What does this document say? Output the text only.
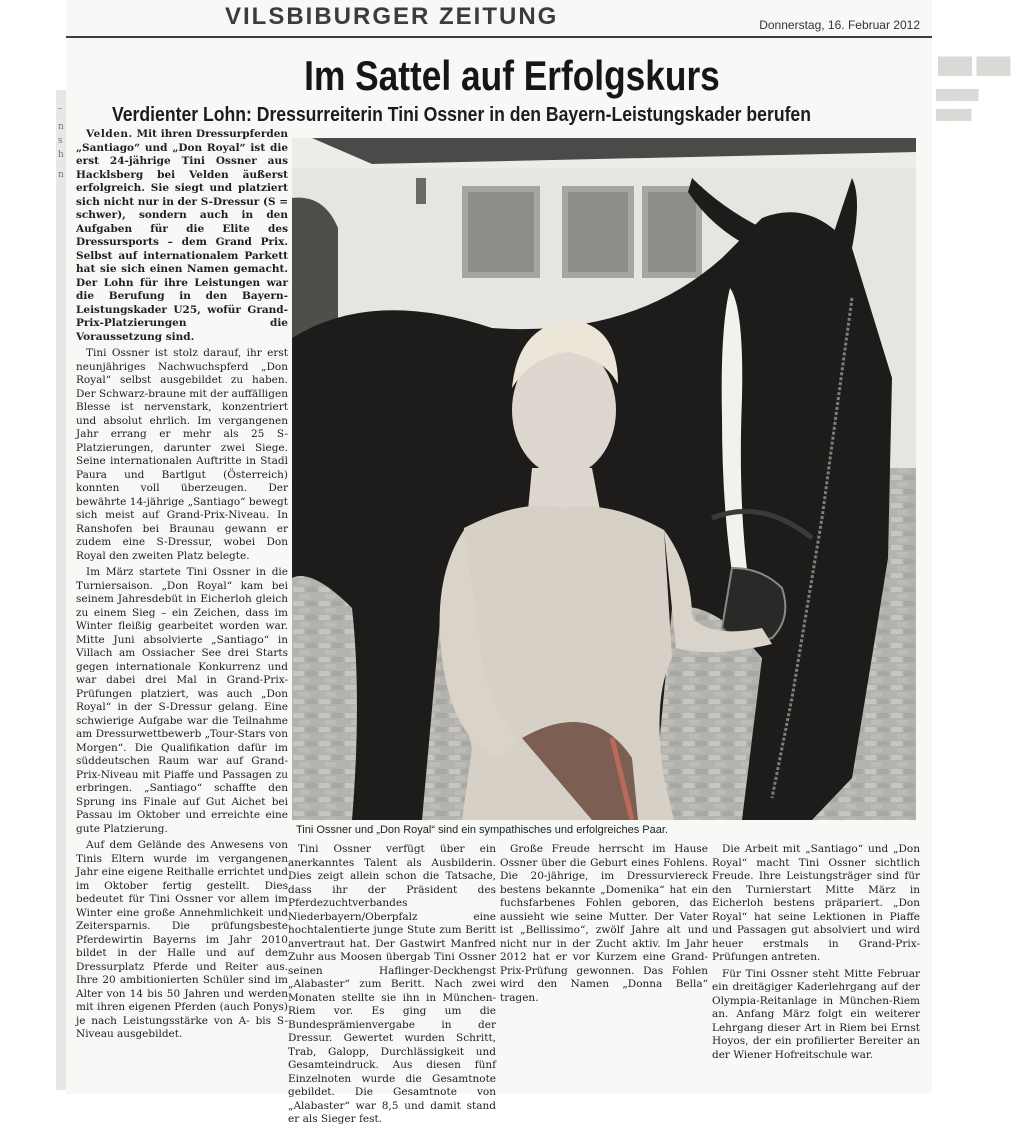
–
n
s
h
n
███ ███
██████
█████
VILSBIBURGER ZEITUNG	Donnerstag, 16. Februar 2012
Im Sattel auf Erfolgskurs
Verdienter Lohn: Dressurreiterin Tini Ossner in den Bayern-Leistungskader berufen

Velden. Mit ihren Dressurpferden „Santiago“ und „Don Royal“ ist die erst 24-jährige Tini Ossner aus Hacklsberg bei Velden äußerst erfolgreich. Sie siegt und platziert sich nicht nur in der S-Dressur (S = schwer), sondern auch in den Aufgaben für die Elite des Dressursports – dem Grand Prix. Selbst auf internationalem Parkett hat sie sich einen Namen gemacht. Der Lohn für ihre Leistungen war die Berufung in den Bayern-Leistungskader U25, wofür Grand-Prix-Platzierungen die Voraussetzung sind.

Tini Ossner ist stolz darauf, ihr erst neunjähriges Nachwuchspferd „Don Royal“ selbst ausgebildet zu haben. Der Schwarz-braune mit der auffälligen Blesse ist nervenstark, konzentriert und absolut ehrlich. Im vergangenen Jahr errang er mehr als 25 S-Platzierungen, darunter zwei Siege. Seine internationalen Auftritte in Stadl Paura und Bartlgut (Österreich) konnten voll überzeugen. Der bewährte 14-jährige „Santiago“ bewegt sich meist auf Grand-Prix-Niveau. In Ranshofen bei Braunau gewann er zudem eine S-Dressur, wobei Don Royal den zweiten Platz belegte.

Im März startete Tini Ossner in die Turniersaison. „Don Royal“ kam bei seinem Jahresdebüt in Eicherloh gleich zu einem Sieg – ein Zeichen, dass im Winter fleißig gearbeitet worden war. Mitte Juni absolvierte „Santiago“ in Villach am Ossiacher See drei Starts gegen internationale Konkurrenz und war dabei drei Mal in Grand-Prix-Prüfungen platziert, was auch „Don Royal“ in der S-Dressur gelang. Eine schwierige Aufgabe war die Teilnahme am Dressurwettbewerb „Tour-Stars von Morgen“. Die Qualifikation dafür im süddeutschen Raum war auf Grand-Prix-Niveau mit Piaffe und Passagen zu erbringen. „Santiago“ schaffte den Sprung ins Finale auf Gut Aichet bei Passau im Oktober und erreichte eine gute Platzierung.

Auf dem Gelände des Anwesens von Tinis Eltern wurde im vergangenen Jahr eine eigene Reithalle errichtet und im Oktober fertig gestellt. Dies bedeutet für Tini Ossner vor allem im Winter eine große Annehmlichkeit und Zeitersparnis. Die prüfungsbeste Pferdewirtin Bayerns im Jahr 2010 bildet in der Halle und auf dem Dressurplatz Pferde und Reiter aus. Ihre 20 ambitionierten Schüler sind im Alter von 14 bis 50 Jahren und werden mit ihren eigenen Pferden (auch Ponys) je nach Leistungsstärke von A- bis S-Niveau ausgebildet.

Tini Ossner und „Don Royal“ sind ein sympathisches und erfolgreiches Paar.

Tini Ossner verfügt über ein anerkanntes Talent als Ausbilderin. Dies zeigt allein schon die Tatsache, dass ihr der Präsident des Pferdezuchtverbandes Niederbayern/Oberpfalz eine hochtalentierte junge Stute zum Beritt anvertraut hat. Der Gastwirt Manfred Zuhr aus Moosen übergab Tini Ossner seinen Haflinger-Deckhengst „Alabaster“ zum Beritt. Nach zwei Monaten stellte sie ihn in München-Riem vor. Es ging um die Bundesprämienvergabe in der Dressur. Gewertet wurden Schritt, Trab, Galopp, Durchlässigkeit und Gesamteindruck. Aus diesen fünf Einzelnoten wurde die Gesamtnote gebildet. Die Gesamtnote von „Alabaster“ war 8,5 und damit stand er als Sieger fest.

Große Freude herrscht im Hause Ossner über die Geburt eines Fohlens. Die 20-jährige, im Dressurviereck bestens bekannte „Domenika“ hat ein fuchsfarbenes Fohlen geboren, das aussieht wie seine Mutter. Der Vater ist „Bellissimo“, zwölf Jahre alt und nicht nur in der Zucht aktiv. Im Jahr 2012 hat er vor Kurzem eine Grand-Prix-Prüfung gewonnen. Das Fohlen wird den Namen „Donna Bella“ tragen.

Die Arbeit mit „Santiago“ und „Don Royal“ macht Tini Ossner sichtlich Freude. Ihre Leistungsträger sind für den Turnierstart Mitte März in Eicherloh bestens präpariert. „Don Royal“ hat seine Lektionen in Piaffe und Passagen gut absolviert und wird heuer erstmals in Grand-Prix-Prüfungen antreten.

Für Tini Ossner steht Mitte Februar ein dreitägiger Kaderlehrgang auf der Olympia-Reitanlage in München-Riem an. Anfang März folgt ein weiterer Lehrgang dieser Art in Riem bei Ernst Hoyos, der ein profilierter Bereiter an der Wiener Hofreitschule war.
